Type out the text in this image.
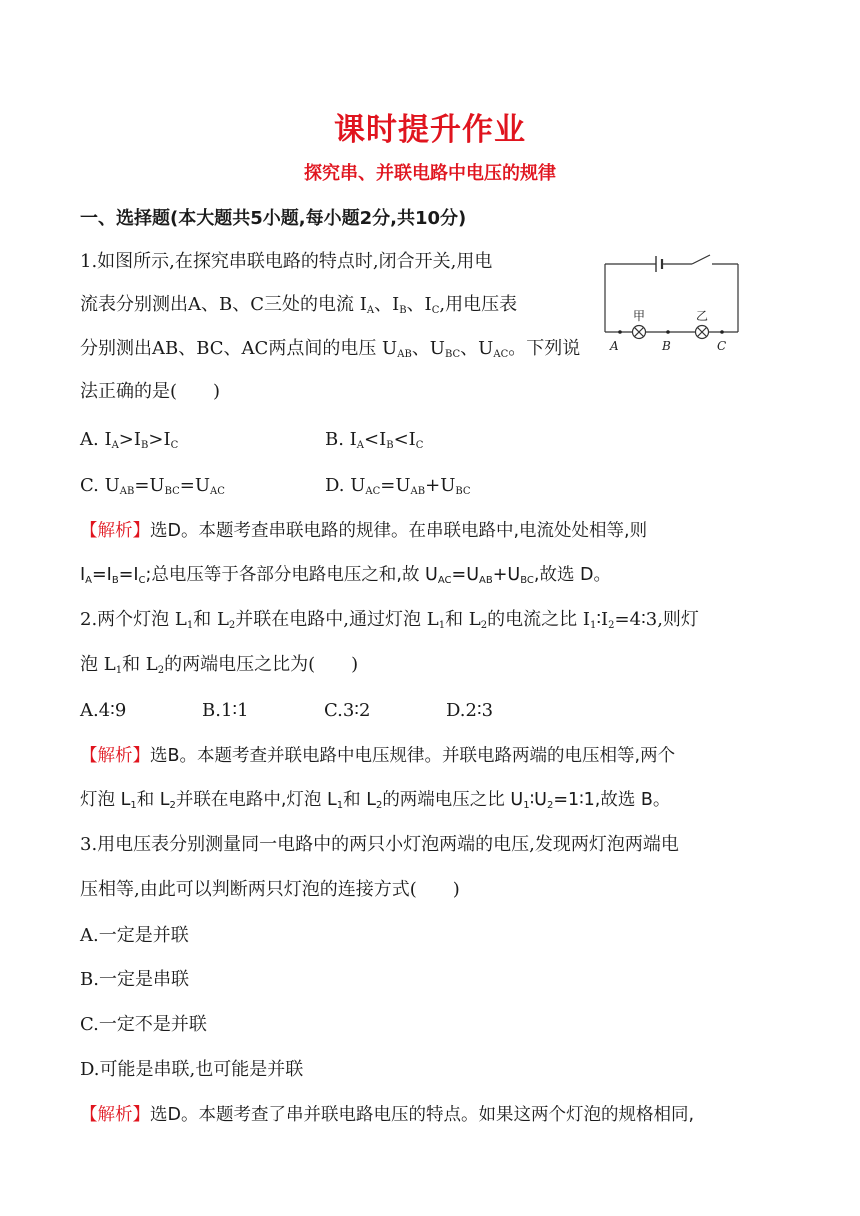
课时提升作业
探究串、并联电路中电压的规律
一、选择题(本大题共5小题,每小题2分,共10分)
1.如图所示,在探究串联电路的特点时,闭合开关,用电
流表分别测出A、B、C三处的电流 $I_A$、$I_B$、$I_C$,用电压表
分别测出AB、BC、AC两点间的电压 $U_{AB}$、$U_{BC}$、$U_{AC}$。下列说
法正确的是(　　)
甲	乙
A	B	C
A. $I_A>I_B>I_C$	B. $I_A<I_B<I_C$
C. $U_{AB}=U_{BC}=U_{AC}$	D. $U_{AC}=U_{AB}+U_{BC}$
【解析】选D。本题考查串联电路的规律。在串联电路中,电流处处相等,则
$I_A=I_B=I_C$;总电压等于各部分电路电压之和,故 $U_{AC}=U_{AB}+U_{BC}$,故选 D。
2.两个灯泡 $L_1$和 $L_2$并联在电路中,通过灯泡 $L_1$和 $L_2$的电流之比 $I_1∶I_2=4∶3$,则灯
泡 $L_1$和 $L_2$的两端电压之比为(　　)
A.4∶9	B.1∶1	C.3∶2	D.2∶3
【解析】选B。本题考查并联电路中电压规律。并联电路两端的电压相等,两个
灯泡 $L_1$和 $L_2$并联在电路中,灯泡 $L_1$和 $L_2$的两端电压之比 $U_1∶U_2=1∶1$,故选 B。
3.用电压表分别测量同一电路中的两只小灯泡两端的电压,发现两灯泡两端电
压相等,由此可以判断两只灯泡的连接方式(　　)
A.一定是并联
B.一定是串联
C.一定不是并联
D.可能是串联,也可能是并联
【解析】选D。本题考查了串并联电路电压的特点。如果这两个灯泡的规格相同,
